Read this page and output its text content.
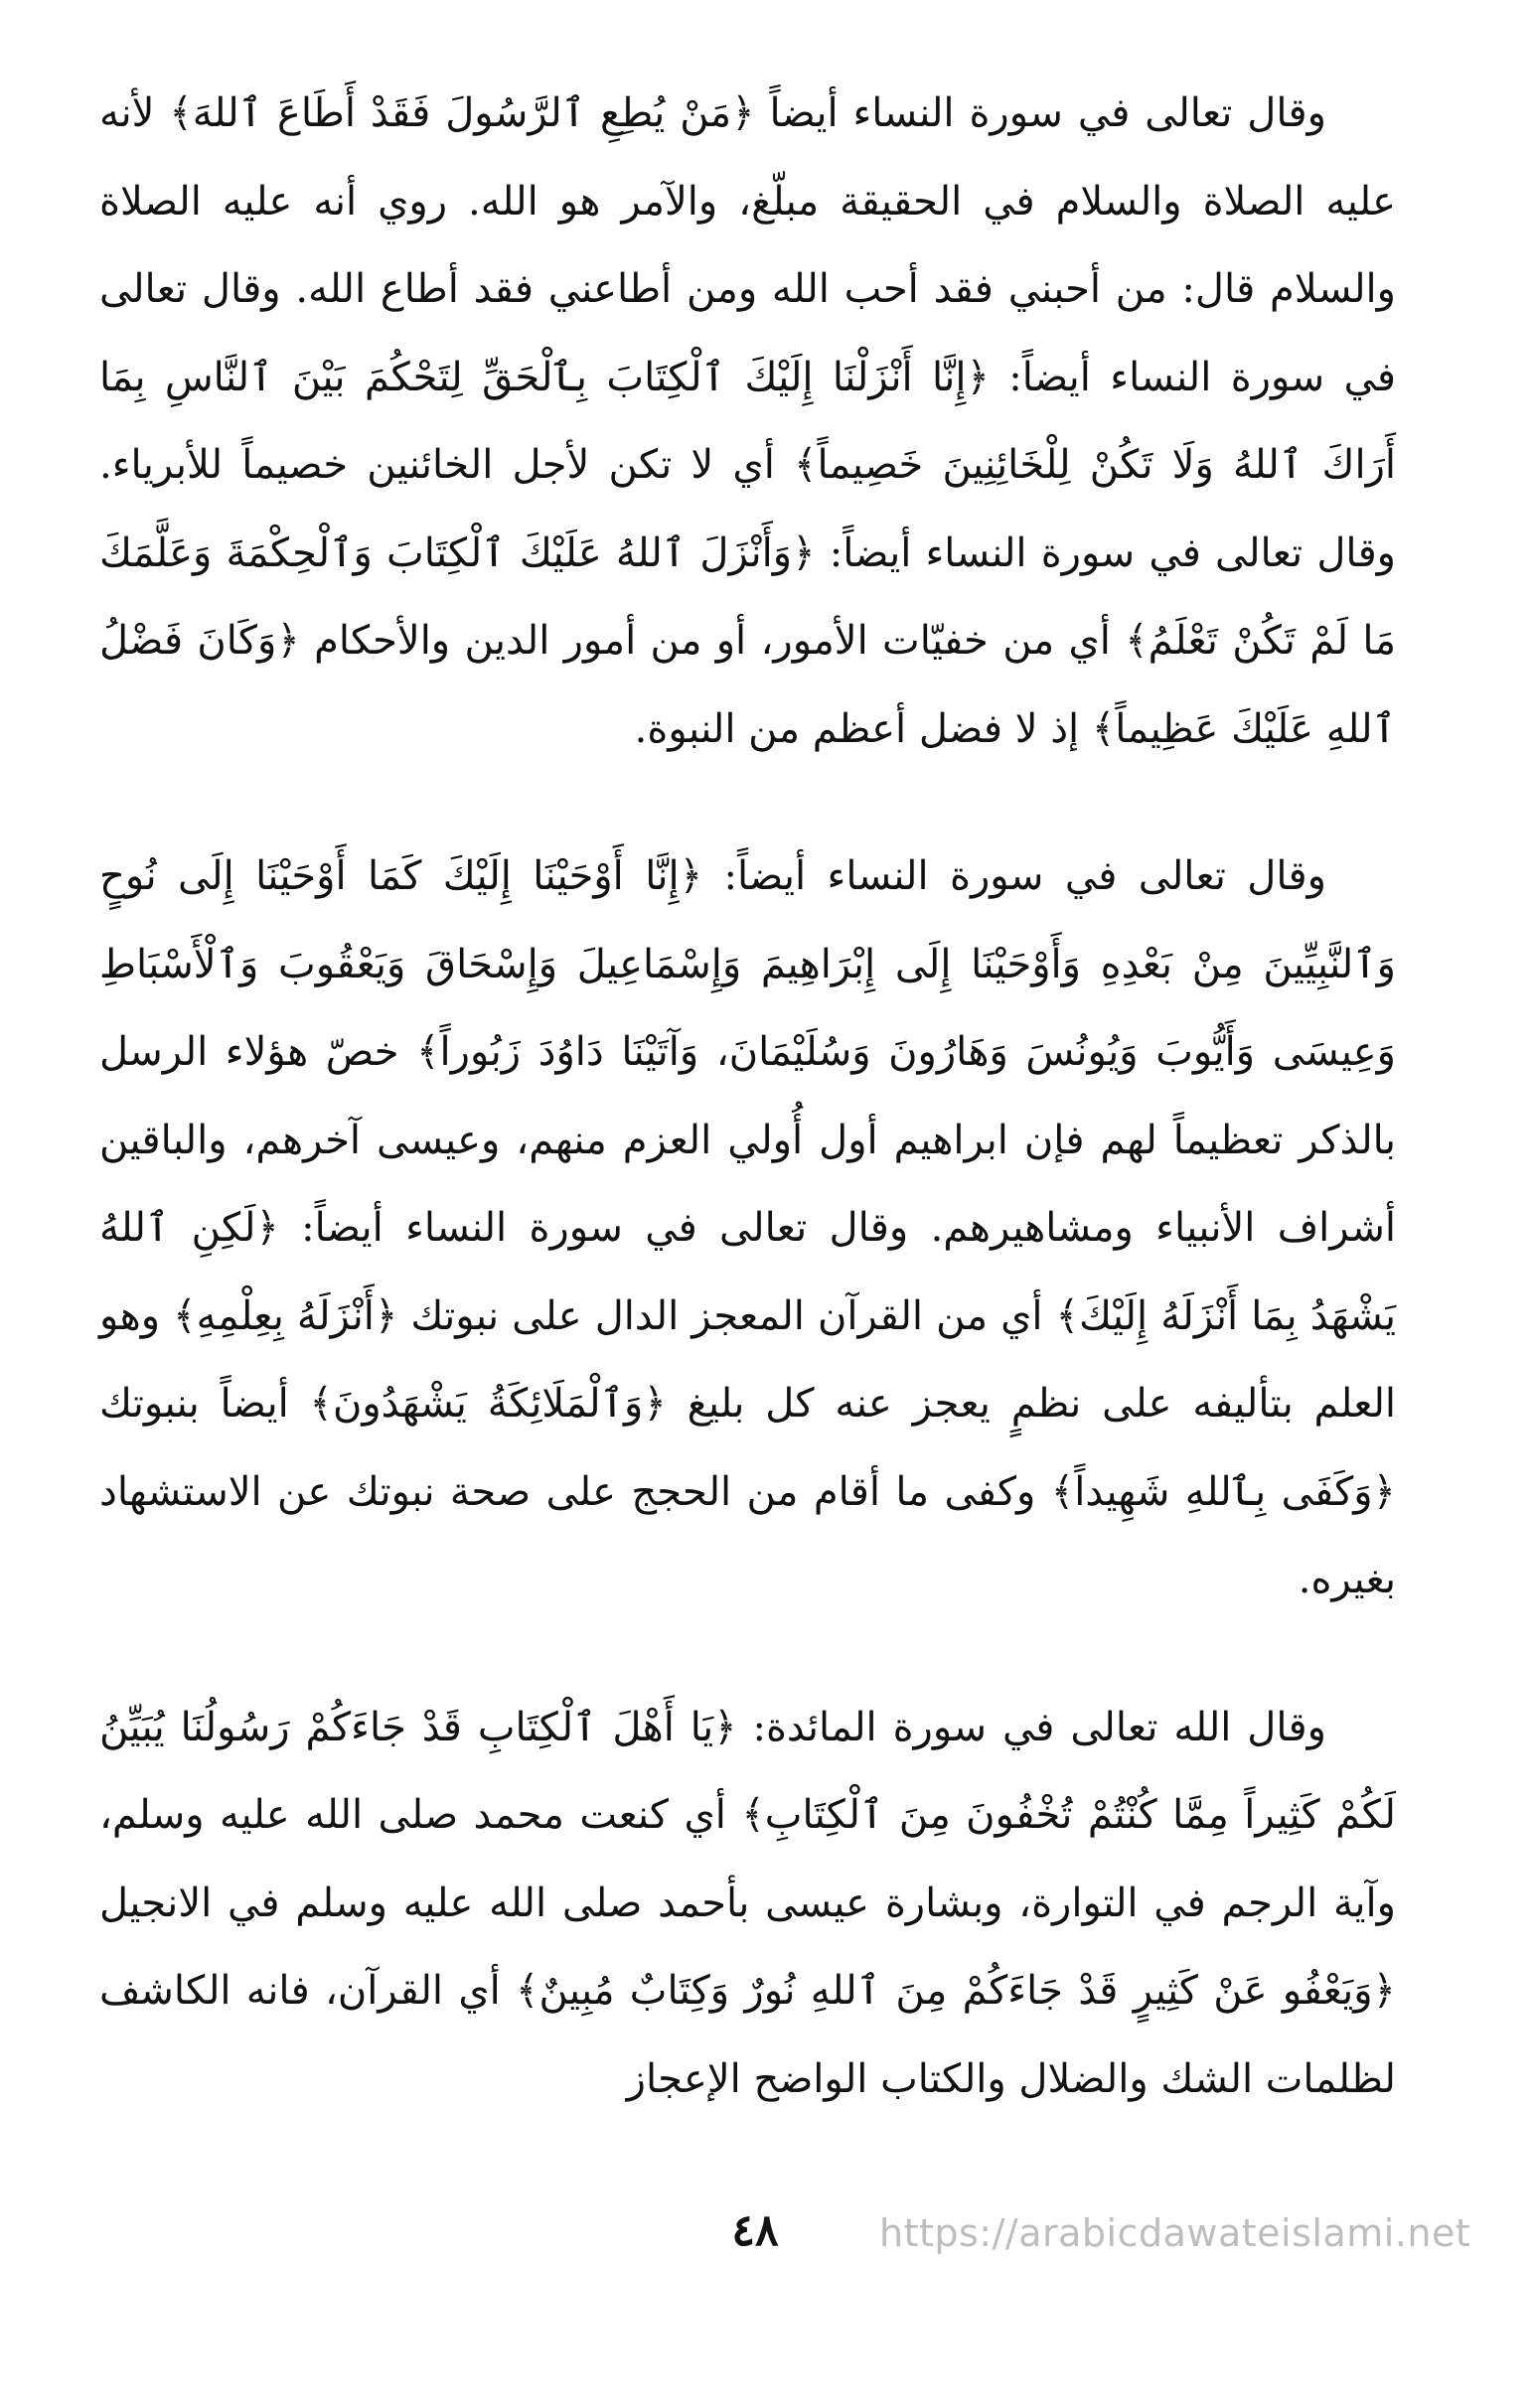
وقال تعالى في سورة النساء أيضاً ﴿مَنْ يُطِعِ ٱلرَّسُولَ فَقَدْ أَطَاعَ ٱللهَ﴾ لأنه عليه الصلاة والسلام في الحقيقة مبلّغ، والآمر هو الله. روي أنه عليه الصلاة والسلام قال: من أحبني فقد أحب الله ومن أطاعني فقد أطاع الله. وقال تعالى في سورة النساء أيضاً: ﴿إِنَّا أَنْزَلْنَا إِلَيْكَ ٱلْكِتَابَ بِٱلْحَقِّ لِتَحْكُمَ بَيْنَ ٱلنَّاسِ بِمَا أَرَاكَ ٱللهُ وَلَا تَكُنْ لِلْخَائِنِينَ خَصِيماً﴾ أي لا تكن لأجل الخائنين خصيماً للأبرياء. وقال تعالى في سورة النساء أيضاً: ﴿وَأَنْزَلَ ٱللهُ عَلَيْكَ ٱلْكِتَابَ وَٱلْحِكْمَةَ وَعَلَّمَكَ مَا لَمْ تَكُنْ تَعْلَمُ﴾ أي من خفيّات الأمور، أو من أمور الدين والأحكام ﴿وَكَانَ فَضْلُ ٱللهِ عَلَيْكَ عَظِيماً﴾ إذ لا فضل أعظم من النبوة.

وقال تعالى في سورة النساء أيضاً: ﴿إِنَّا أَوْحَيْنَا إِلَيْكَ كَمَا أَوْحَيْنَا إِلَى نُوحٍ وَٱلنَّبِيِّينَ مِنْ بَعْدِهِ وَأَوْحَيْنَا إِلَى إِبْرَاهِيمَ وَإِسْمَاعِيلَ وَإِسْحَاقَ وَيَعْقُوبَ وَٱلْأَسْبَاطِ وَعِيسَى وَأَيُّوبَ وَيُونُسَ وَهَارُونَ وَسُلَيْمَانَ، وَآتَيْنَا دَاوُدَ زَبُوراً﴾ خصّ هؤلاء الرسل بالذكر تعظيماً لهم فإن ابراهيم أول أُولي العزم منهم، وعيسى آخرهم، والباقين أشراف الأنبياء ومشاهيرهم. وقال تعالى في سورة النساء أيضاً: ﴿لَكِنِ ٱللهُ يَشْهَدُ بِمَا أَنْزَلَهُ إِلَيْكَ﴾ أي من القرآن المعجز الدال على نبوتك ﴿أَنْزَلَهُ بِعِلْمِهِ﴾ وهو العلم بتأليفه على نظمٍ يعجز عنه كل بليغ ﴿وَٱلْمَلَائِكَةُ يَشْهَدُونَ﴾ أيضاً بنبوتك ﴿وَكَفَى بِٱللهِ شَهِيداً﴾ وكفى ما أقام من الحجج على صحة نبوتك عن الاستشهاد بغيره.

وقال الله تعالى في سورة المائدة: ﴿يَا أَهْلَ ٱلْكِتَابِ قَدْ جَاءَكُمْ رَسُولُنَا يُبَيِّنُ لَكُمْ كَثِيراً مِمَّا كُنْتُمْ تُخْفُونَ مِنَ ٱلْكِتَابِ﴾ أي كنعت محمد صلى الله عليه وسلم، وآية الرجم في التوارة، وبشارة عيسى بأحمد صلى الله عليه وسلم في الانجيل ﴿وَيَعْفُو عَنْ كَثِيرٍ قَدْ جَاءَكُمْ مِنَ ٱللهِ نُورٌ وَكِتَابٌ مُبِينٌ﴾ أي القرآن، فانه الكاشف لظلمات الشك والضلال والكتاب الواضح الإعجاز

٤٨	https://arabicdawateislami.net
